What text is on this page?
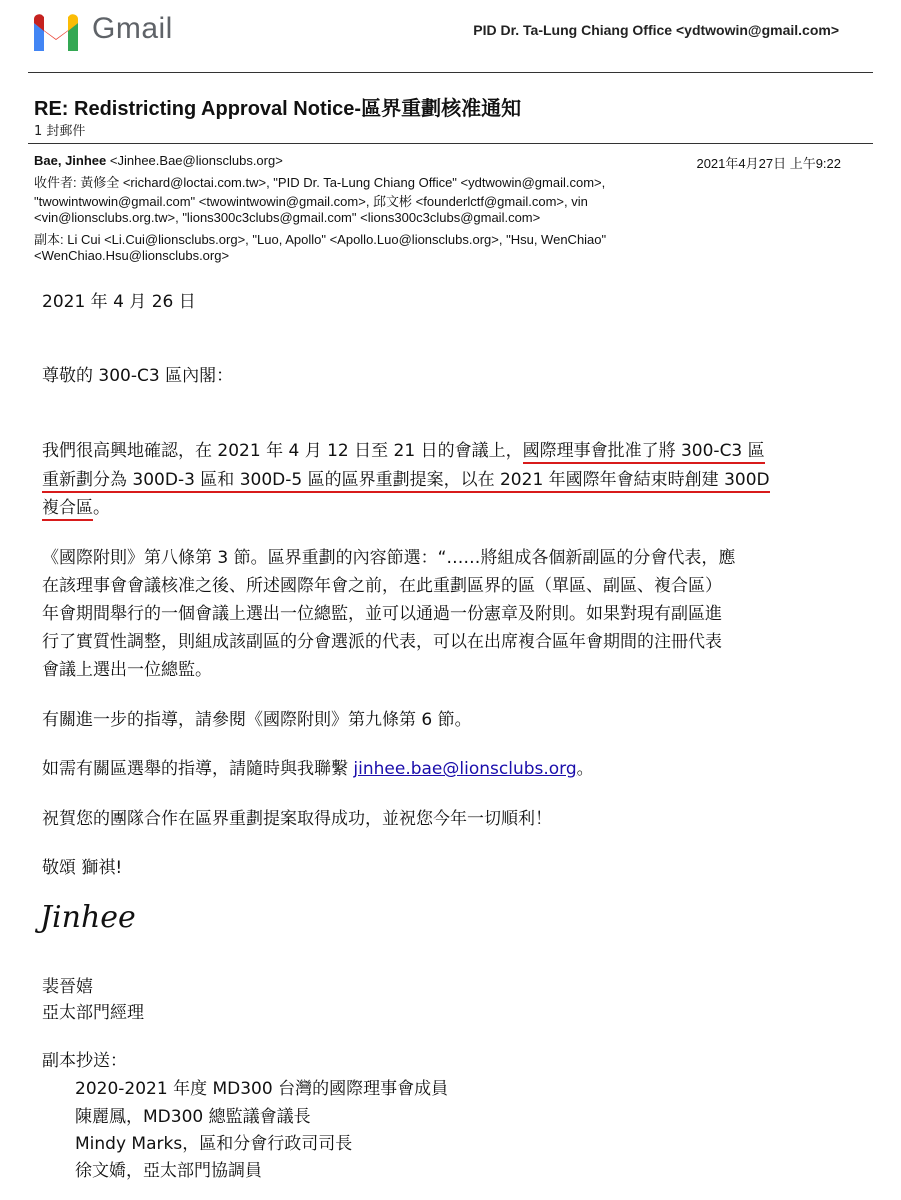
Gmail	PID Dr. Ta-Lung Chiang Office <ydtwowin@gmail.com>
RE: Redistricting Approval Notice-區界重劃核准通知
1 封郵件
Bae, Jinhee <Jinhee.Bae@lionsclubs.org>	2021年4月27日 上午9:22
收件者: 黃修全 <richard@loctai.com.tw>, "PID Dr. Ta-Lung Chiang Office" <ydtwowin@gmail.com>,
"twowintwowin@gmail.com" <twowintwowin@gmail.com>, 邱文彬 <founderlctf@gmail.com>, vin
<vin@lionsclubs.org.tw>, "lions300c3clubs@gmail.com" <lions300c3clubs@gmail.com>
副本: Li Cui <Li.Cui@lionsclubs.org>, "Luo, Apollo" <Apollo.Luo@lionsclubs.org>, "Hsu, WenChiao"
<WenChiao.Hsu@lionsclubs.org>
2021 年 4 月 26 日
尊敬的 300-C3 區內閣：
我們很高興地確認，在 2021 年 4 月 12 日至 21 日的會議上，國際理事會批准了將 300-C3 區
重新劃分為 300D-3 區和 300D-5 區的區界重劃提案，以在 2021 年國際年會結束時創建 300D
複合區。
《國際附則》第八條第 3 節。區界重劃的內容節選：“……將組成各個新副區的分會代表，應
在該理事會會議核准之後、所述國際年會之前，在此重劃區界的區（單區、副區、複合區）
年會期間舉行的一個會議上選出一位總監，並可以通過一份憲章及附則。如果對現有副區進
行了實質性調整，則組成該副區的分會選派的代表，可以在出席複合區年會期間的注冊代表
會議上選出一位總監。
有關進一步的指導，請參閱《國際附則》第九條第 6 節。
如需有關區選舉的指導，請隨時與我聯繫 jinhee.bae@lionsclubs.org。
祝賀您的團隊合作在區界重劃提案取得成功，並祝您今年一切順利！
敬頌 獅祺!
Jinhee
裴晉嬉
亞太部門經理
副本抄送：
2020-2021 年度 MD300 台灣的國際理事會成員
陳麗鳳，MD300 總監議會議長
Mindy Marks，區和分會行政司司長
徐文嬌，亞太部門協調員
